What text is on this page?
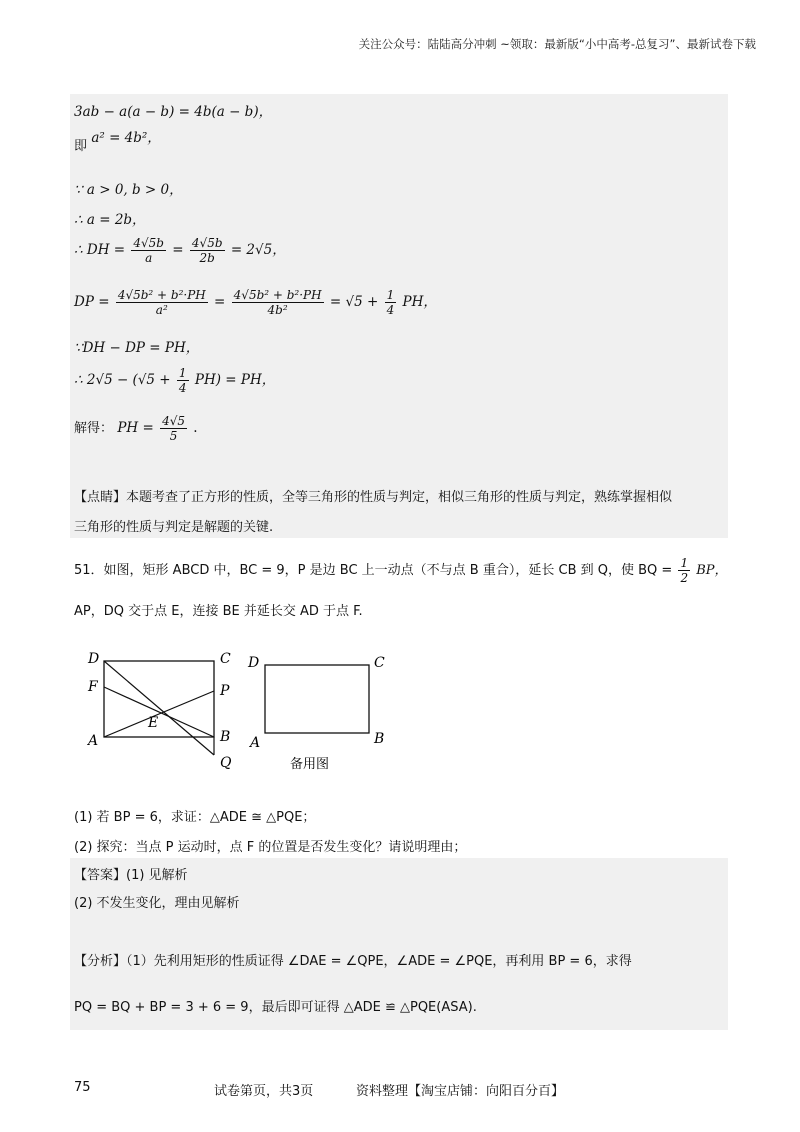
关注公众号：陆陆高分冲刺 ~领取：最新版“小中高考-总复习”、最新试卷下载
3ab − a(a − b) = 4b(a − b)，
即 a² = 4b²，
∵ a > 0, b > 0，
∴ a = 2b，
∴ DH = $\frac{4√5b}{a} = \frac{4√5b}{2b} = 2√5$，
DP = $\frac{\text{4√5b² + b²·PH}}{\text{a²}} = \frac{\text{4√5b² + b²·PH}}{\text{4b²}} = √5 + \frac{1}{4}$ PH，
∵DH − DP = PH，
∴ $2√5 - (√5 + \frac{1}{4} PH)$ = PH，
解得： PH = $\frac{4√5}{5}$ .
【点睛】本题考查了正方形的性质，全等三角形的性质与判定，相似三角形的性质与判定，熟练掌握相似
三角形的性质与判定是解题的关键.
51．如图，矩形 ABCD 中，BC = 9，P 是边 BC 上一动点（不与点 B 重合），延长 CB 到 Q，使 BQ = $\frac{1}{2}$ BP，
AP，DQ 交于点 E，连接 BE 并延长交 AD 于点 F.
D	C
F	P
E
A	B
Q
D	C
A	B
备用图
(1) 若 BP = 6，求证：△ADE ≅ △PQE；
(2) 探究：当点 P 运动时，点 F 的位置是否发生变化？请说明理由；
【答案】(1) 见解析
(2) 不发生变化，理由见解析
【分析】（1）先利用矩形的性质证得 ∠DAE = ∠QPE，∠ADE = ∠PQE，再利用 BP = 6，求得
PQ = BQ + BP = 3 + 6 = 9，最后即可证得 △ADE ≌ △PQE(ASA).
75	试卷第页，共3页	资料整理【淘宝店铺：向阳百分百】
